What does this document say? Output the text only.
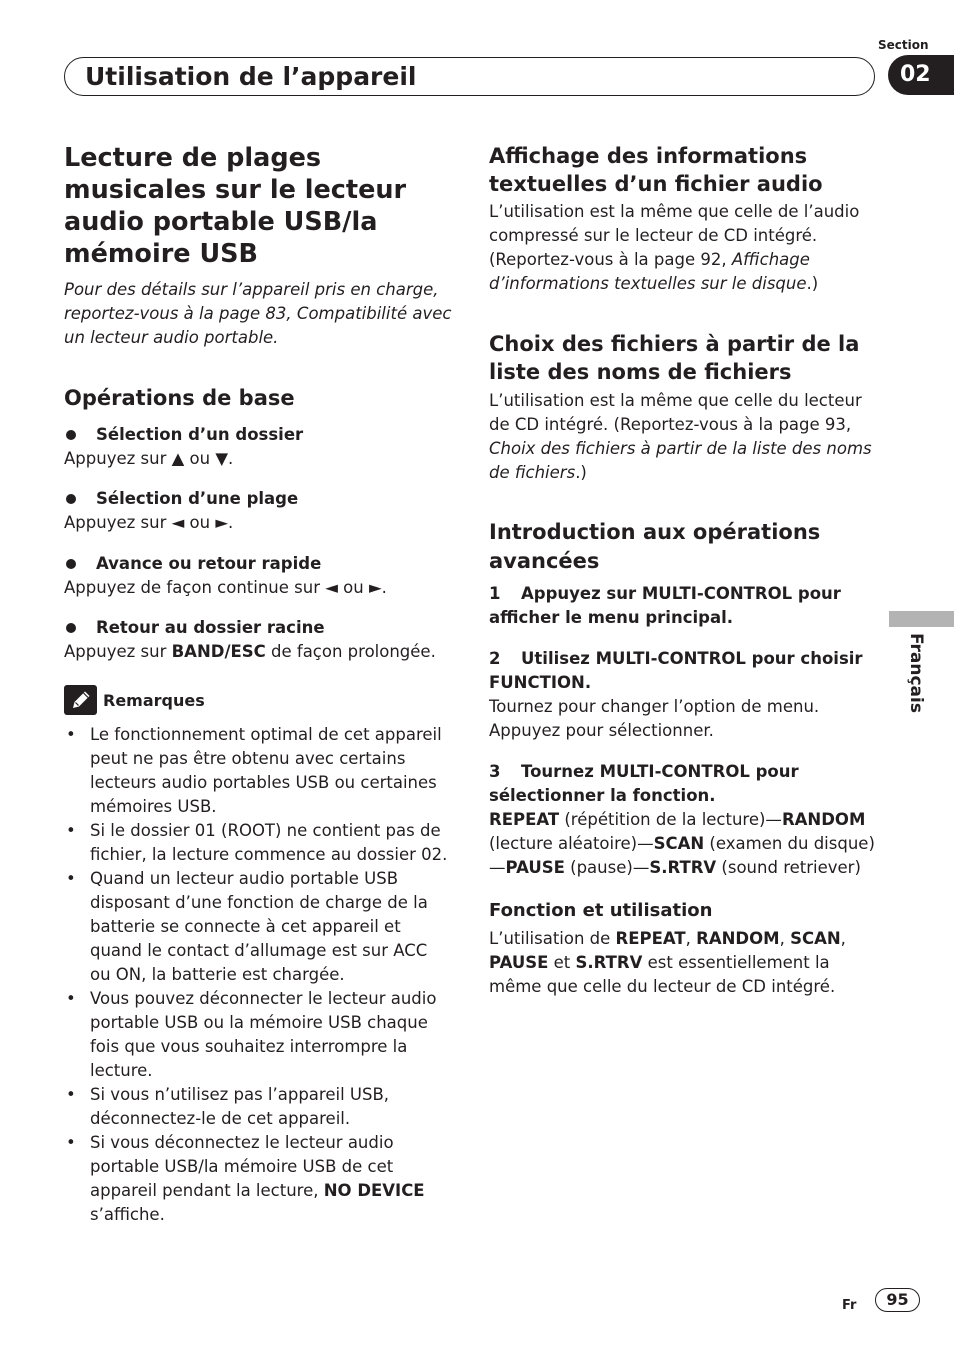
Section
02
Utilisation de l’appareil
Lecture de plages musicales sur le lecteur audio portable USB/la mémoire USB

Pour des détails sur l’appareil pris en charge, reportez-vous à la page 83, Compatibilité avec un lecteur audio portable.

Opérations de base
Sélection d’un dossier
Appuyez sur ▲ ou ▼.
Sélection d’une plage
Appuyez sur ◄ ou ►.
Avance ou retour rapide
Appuyez de façon continue sur ◄ ou ►.
Retour au dossier racine
Appuyez sur BAND/ESC de façon prolongée.
Remarques
• Le fonctionnement optimal de cet appareil peut ne pas être obtenu avec certains lecteurs audio portables USB ou certaines mémoires USB.
• Si le dossier 01 (ROOT) ne contient pas de fichier, la lecture commence au dossier 02.
• Quand un lecteur audio portable USB disposant d’une fonction de charge de la batterie se connecte à cet appareil et quand le contact d’allumage est sur ACC ou ON, la batterie est chargée.
• Vous pouvez déconnecter le lecteur audio portable USB ou la mémoire USB chaque fois que vous souhaitez interrompre la lecture.
• Si vous n’utilisez pas l’appareil USB, déconnectez-le de cet appareil.
• Si vous déconnectez le lecteur audio portable USB/la mémoire USB de cet appareil pendant la lecture, NO DEVICE s’affiche.
Affichage des informations textuelles d’un fichier audio

L’utilisation est la même que celle de l’audio compressé sur le lecteur de CD intégré. (Reportez-vous à la page 92, Affichage d’informations textuelles sur le disque.)

Choix des fichiers à partir de la liste des noms de fichiers

L’utilisation est la même que celle du lecteur de CD intégré. (Reportez-vous à la page 93, Choix des fichiers à partir de la liste des noms de fichiers.)

Introduction aux opérations avancées
1 Appuyez sur MULTI-CONTROL pour afficher le menu principal.
2 Utilisez MULTI-CONTROL pour choisir FUNCTION.

Tournez pour changer l’option de menu. Appuyez pour sélectionner.

3 Tournez MULTI-CONTROL pour sélectionner la fonction.

REPEAT (répétition de la lecture)—RANDOM (lecture aléatoire)—SCAN (examen du disque) —PAUSE (pause)—S.RTRV (sound retriever)

Fonction et utilisation

L’utilisation de REPEAT, RANDOM, SCAN, PAUSE et S.RTRV est essentiellement la même que celle du lecteur de CD intégré.

Français
Fr	95
